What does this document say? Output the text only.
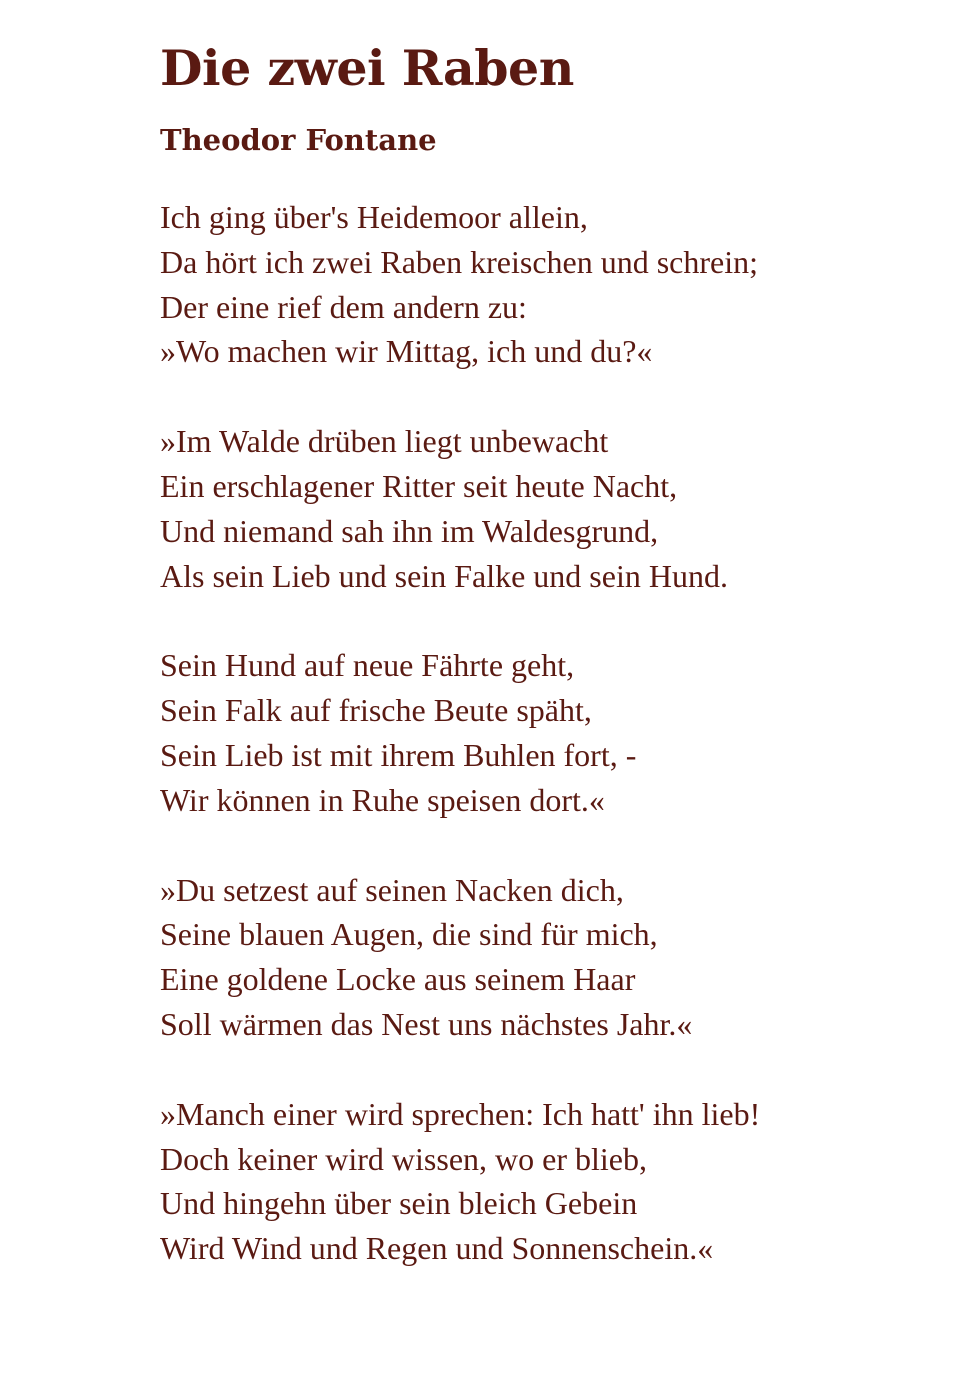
Die zwei Raben
Theodor Fontane
Ich ging über's Heidemoor allein,
Da hört ich zwei Raben kreischen und schrein;
Der eine rief dem andern zu:
»Wo machen wir Mittag, ich und du?«
»Im Walde drüben liegt unbewacht
Ein erschlagener Ritter seit heute Nacht,
Und niemand sah ihn im Waldesgrund,
Als sein Lieb und sein Falke und sein Hund.
Sein Hund auf neue Fährte geht,
Sein Falk auf frische Beute späht,
Sein Lieb ist mit ihrem Buhlen fort, -
Wir können in Ruhe speisen dort.«
»Du setzest auf seinen Nacken dich,
Seine blauen Augen, die sind für mich,
Eine goldene Locke aus seinem Haar
Soll wärmen das Nest uns nächstes Jahr.«
»Manch einer wird sprechen: Ich hatt' ihn lieb!
Doch keiner wird wissen, wo er blieb,
Und hingehn über sein bleich Gebein
Wird Wind und Regen und Sonnenschein.«
